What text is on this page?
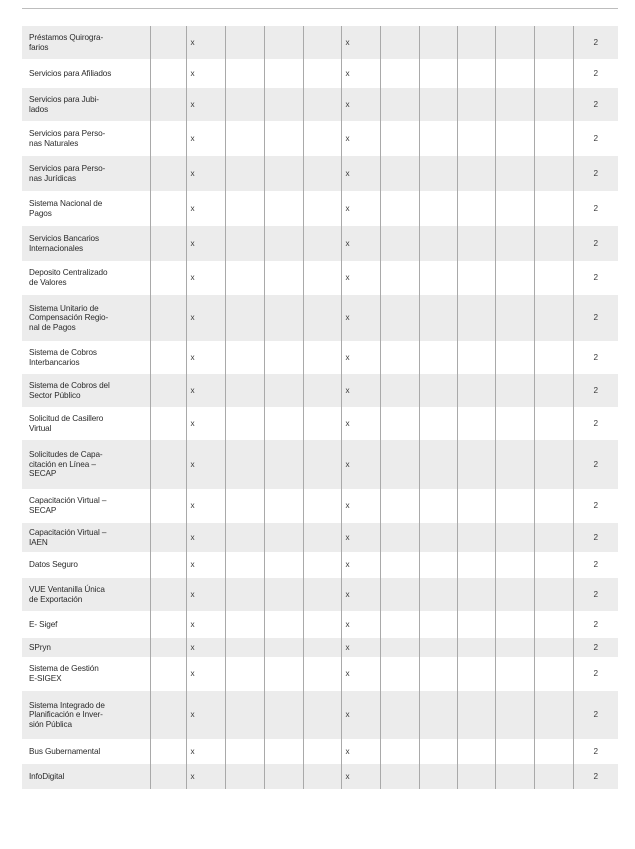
Préstamos Quirogra-
farios		x				x						2
Servicios para Afiliados		x				x						2
Servicios para Jubi-
lados		x				x						2
Servicios para Perso-
nas Naturales		x				x						2
Servicios para Perso-
nas Jurídicas		x				x						2
Sistema Nacional de
Pagos		x				x						2
Servicios Bancarios
Internacionales		x				x						2
Deposito Centralizado
de Valores		x				x						2
Sistema Unitario de
Compensación Regio-
nal de Pagos		x				x						2
Sistema de Cobros
Interbancarios		x				x						2
Sistema de Cobros del
Sector Público		x				x						2
Solicitud de Casillero
Virtual		x				x						2
Solicitudes de Capa-
citación en Línea –
SECAP		x				x						2
Capacitación Virtual –
SECAP		x				x						2
Capacitación Virtual –
IAEN		x				x						2
Datos Seguro		x				x						2
VUE Ventanilla Única
de Exportación		x				x						2
E- Sigef		x				x						2
SPryn		x				x						2
Sistema de Gestión
E-SIGEX		x				x						2
Sistema Integrado de
Planificación e Inver-
sión Pública		x				x						2
Bus Gubernamental		x				x						2
InfoDigital		x				x						2
